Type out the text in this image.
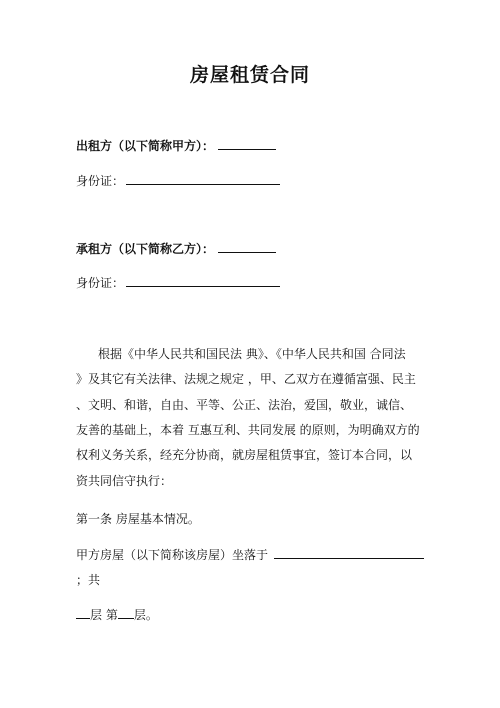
房屋租赁合同
出租方（以下简称甲方）：
身份证：
承租方（以下简称乙方）：
身份证：
根据《中华人民共和国民法 典》、《中华人民共和国 合同法
》及其它有关法律、法规之规定 ，甲、乙双方在遵循富强、民主
、文明、和谐，自由、平等、公正、法治，爱国，敬业，诚信、
友善的基础上，本着 互惠互利、共同发展 的原则，为明确双方的
权利义务关系，经充分协商，就房屋租赁事宜，签订本合同，以
资共同信守执行：
第一条 房屋基本情况。
甲方房屋（以下简称该房屋）坐落于
；共
层 第 层。
